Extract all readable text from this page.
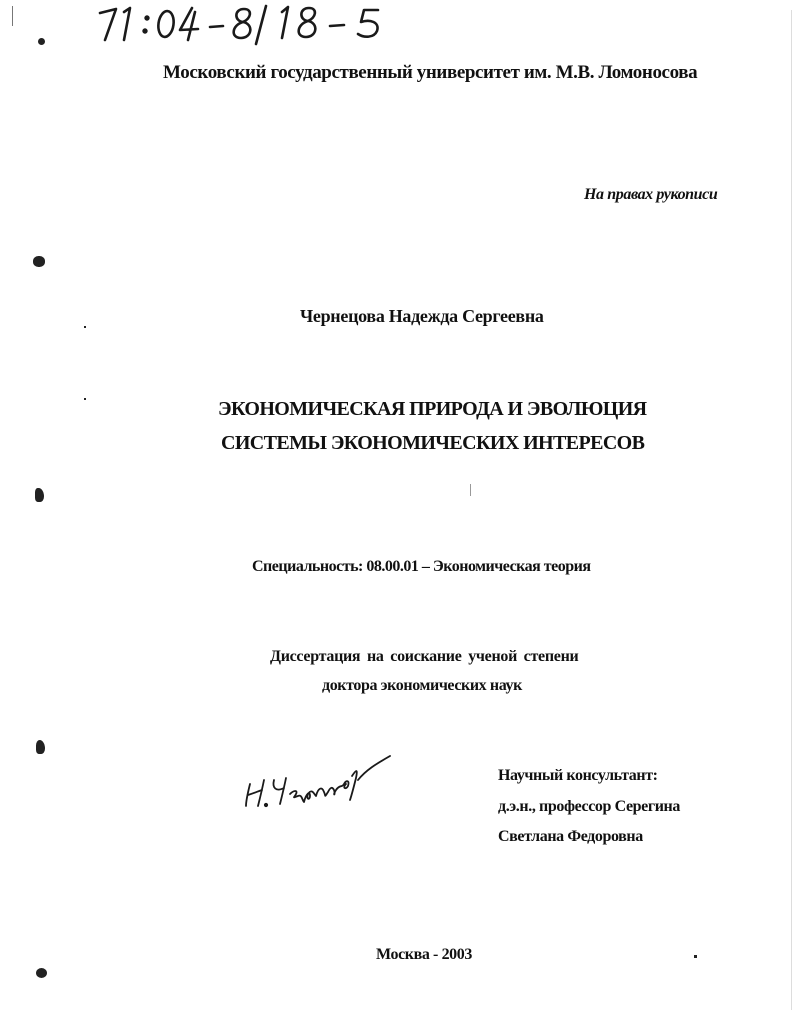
Московский государственный университет им. М.В. Ломоносова
На правах рукописи
Чернецова Надежда Сергеевна
ЭКОНОМИЧЕСКАЯ ПРИРОДА И ЭВОЛЮЦИЯ
СИСТЕМЫ ЭКОНОМИЧЕСКИХ ИНТЕРЕСОВ
Специальность: 08.00.01 – Экономическая теория
Диссертация на соискание ученой степени
доктора экономических наук
Научный консультант:
д.э.н., профессор Серегина
Светлана Федоровна
Москва - 2003
